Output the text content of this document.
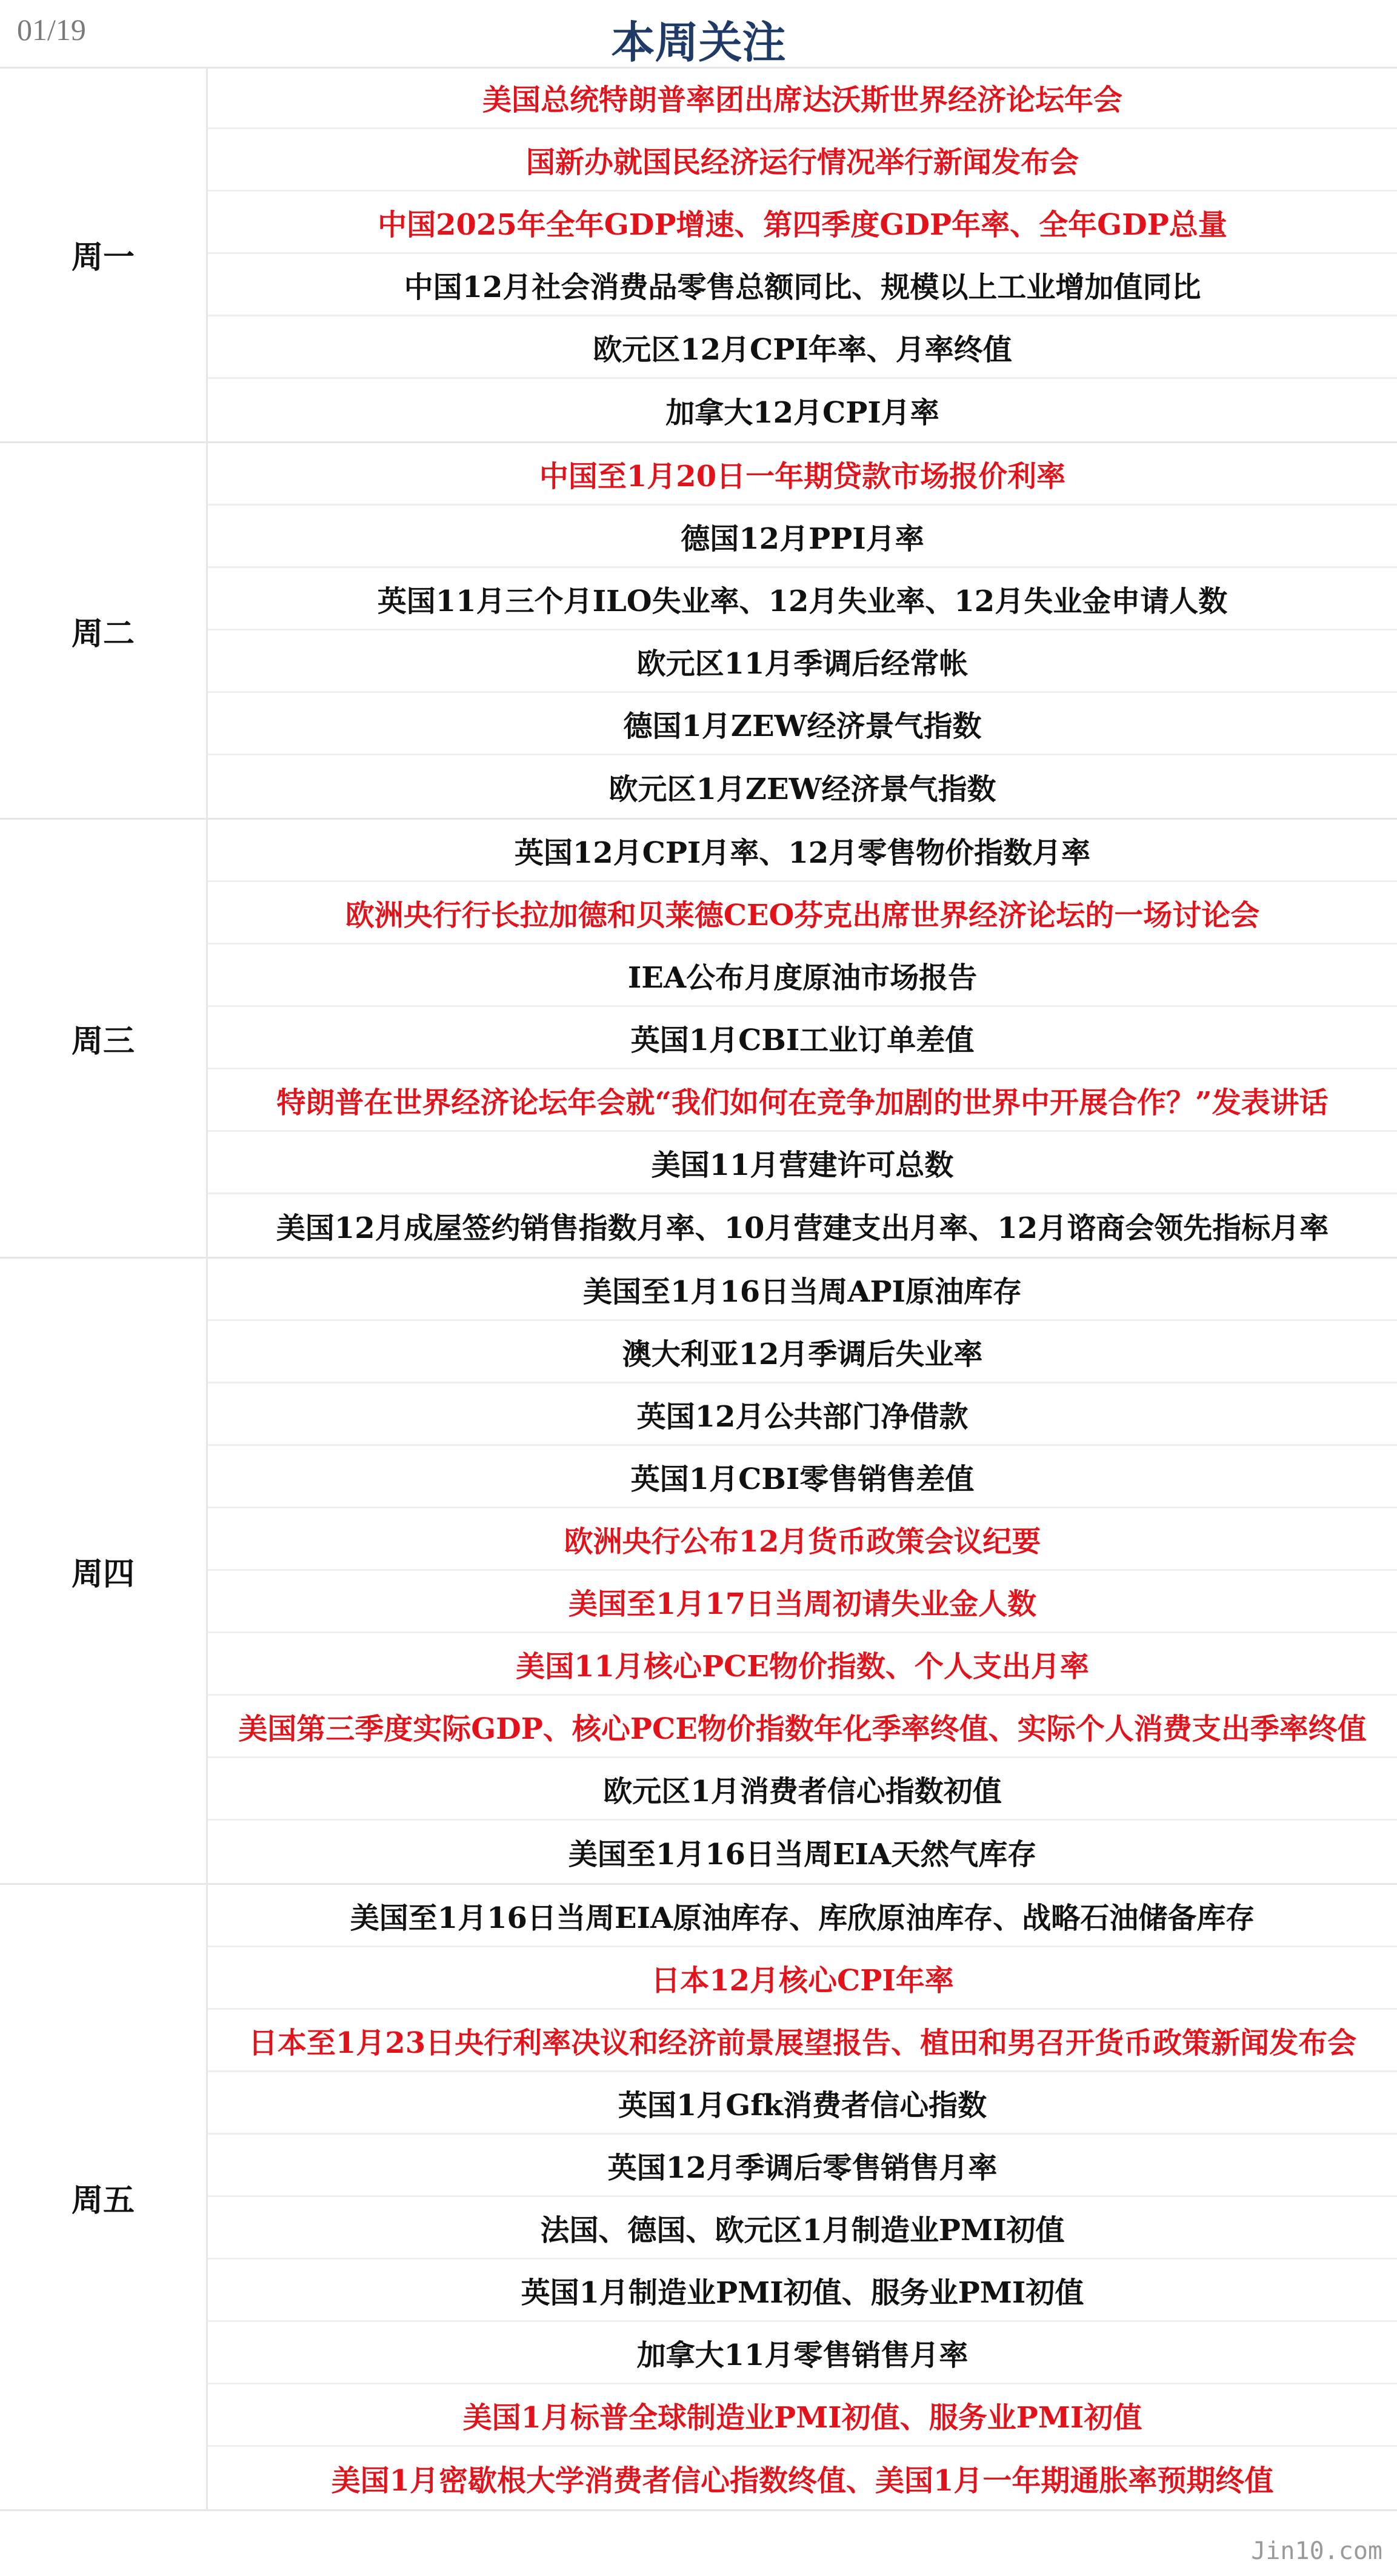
01/19	本周关注
周一
美国总统特朗普率团出席达沃斯世界经济论坛年会
国新办就国民经济运行情况举行新闻发布会
中国2025年全年GDP增速、第四季度GDP年率、全年GDP总量
中国12月社会消费品零售总额同比、规模以上工业增加值同比
欧元区12月CPI年率、月率终值
加拿大12月CPI月率
周二
中国至1月20日一年期贷款市场报价利率
德国12月PPI月率
英国11月三个月ILO失业率、12月失业率、12月失业金申请人数
欧元区11月季调后经常帐
德国1月ZEW经济景气指数
欧元区1月ZEW经济景气指数
周三
英国12月CPI月率、12月零售物价指数月率
欧洲央行行长拉加德和贝莱德CEO芬克出席世界经济论坛的一场讨论会
IEA公布月度原油市场报告
英国1月CBI工业订单差值
特朗普在世界经济论坛年会就“我们如何在竞争加剧的世界中开展合作？”发表讲话
美国11月营建许可总数
美国12月成屋签约销售指数月率、10月营建支出月率、12月谘商会领先指标月率
周四
美国至1月16日当周API原油库存
澳大利亚12月季调后失业率
英国12月公共部门净借款
英国1月CBI零售销售差值
欧洲央行公布12月货币政策会议纪要
美国至1月17日当周初请失业金人数
美国11月核心PCE物价指数、个人支出月率
美国第三季度实际GDP、核心PCE物价指数年化季率终值、实际个人消费支出季率终值
欧元区1月消费者信心指数初值
美国至1月16日当周EIA天然气库存
周五
美国至1月16日当周EIA原油库存、库欣原油库存、战略石油储备库存
日本12月核心CPI年率
日本至1月23日央行利率决议和经济前景展望报告、植田和男召开货币政策新闻发布会
英国1月Gfk消费者信心指数
英国12月季调后零售销售月率
法国、德国、欧元区1月制造业PMI初值
英国1月制造业PMI初值、服务业PMI初值
加拿大11月零售销售月率
美国1月标普全球制造业PMI初值、服务业PMI初值
美国1月密歇根大学消费者信心指数终值、美国1月一年期通胀率预期终值
Jin10.com
